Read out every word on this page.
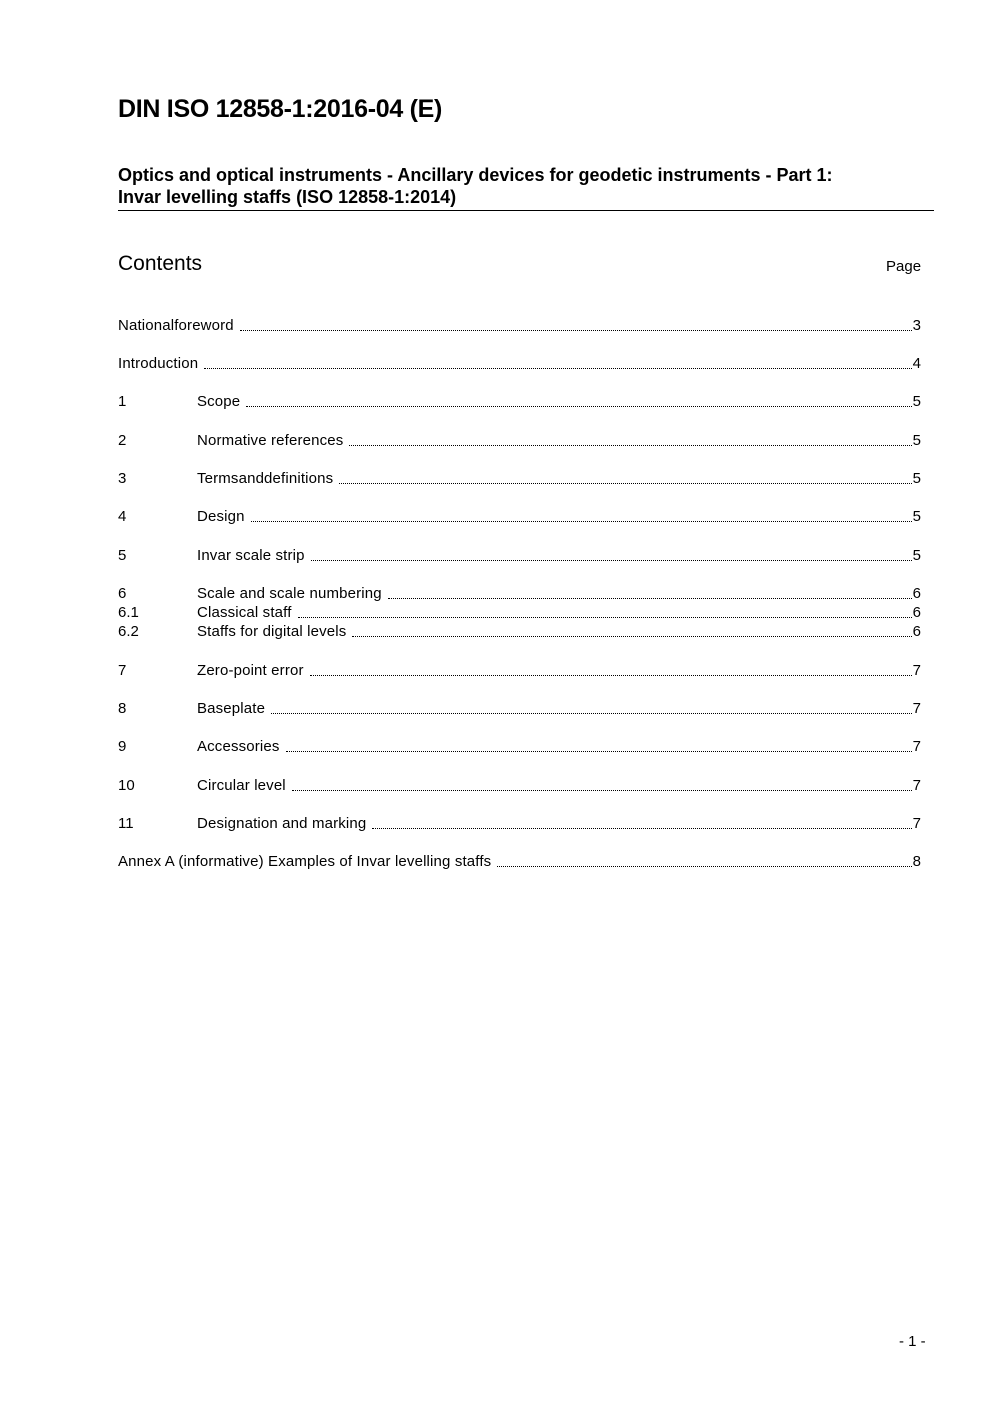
DIN ISO 12858-1:2016-04 (E)
Optics and optical instruments - Ancillary devices for geodetic instruments - Part 1:
Invar levelling staffs (ISO 12858-1:2014)
Contents	Page
Nationalforeword	3
Introduction	4
1	Scope	5
2	Normative references	5
3	Termsanddefinitions	5
4	Design	5
5	Invar scale strip	5
6	Scale and scale numbering	6
6.1	Classical staff	6
6.2	Staffs for digital levels	6
7	Zero-point error	7
8	Baseplate	7
9	Accessories	7
10	Circular level	7
11	Designation and marking	7
Annex A (informative) Examples of Invar levelling staffs	8
- 1 -
